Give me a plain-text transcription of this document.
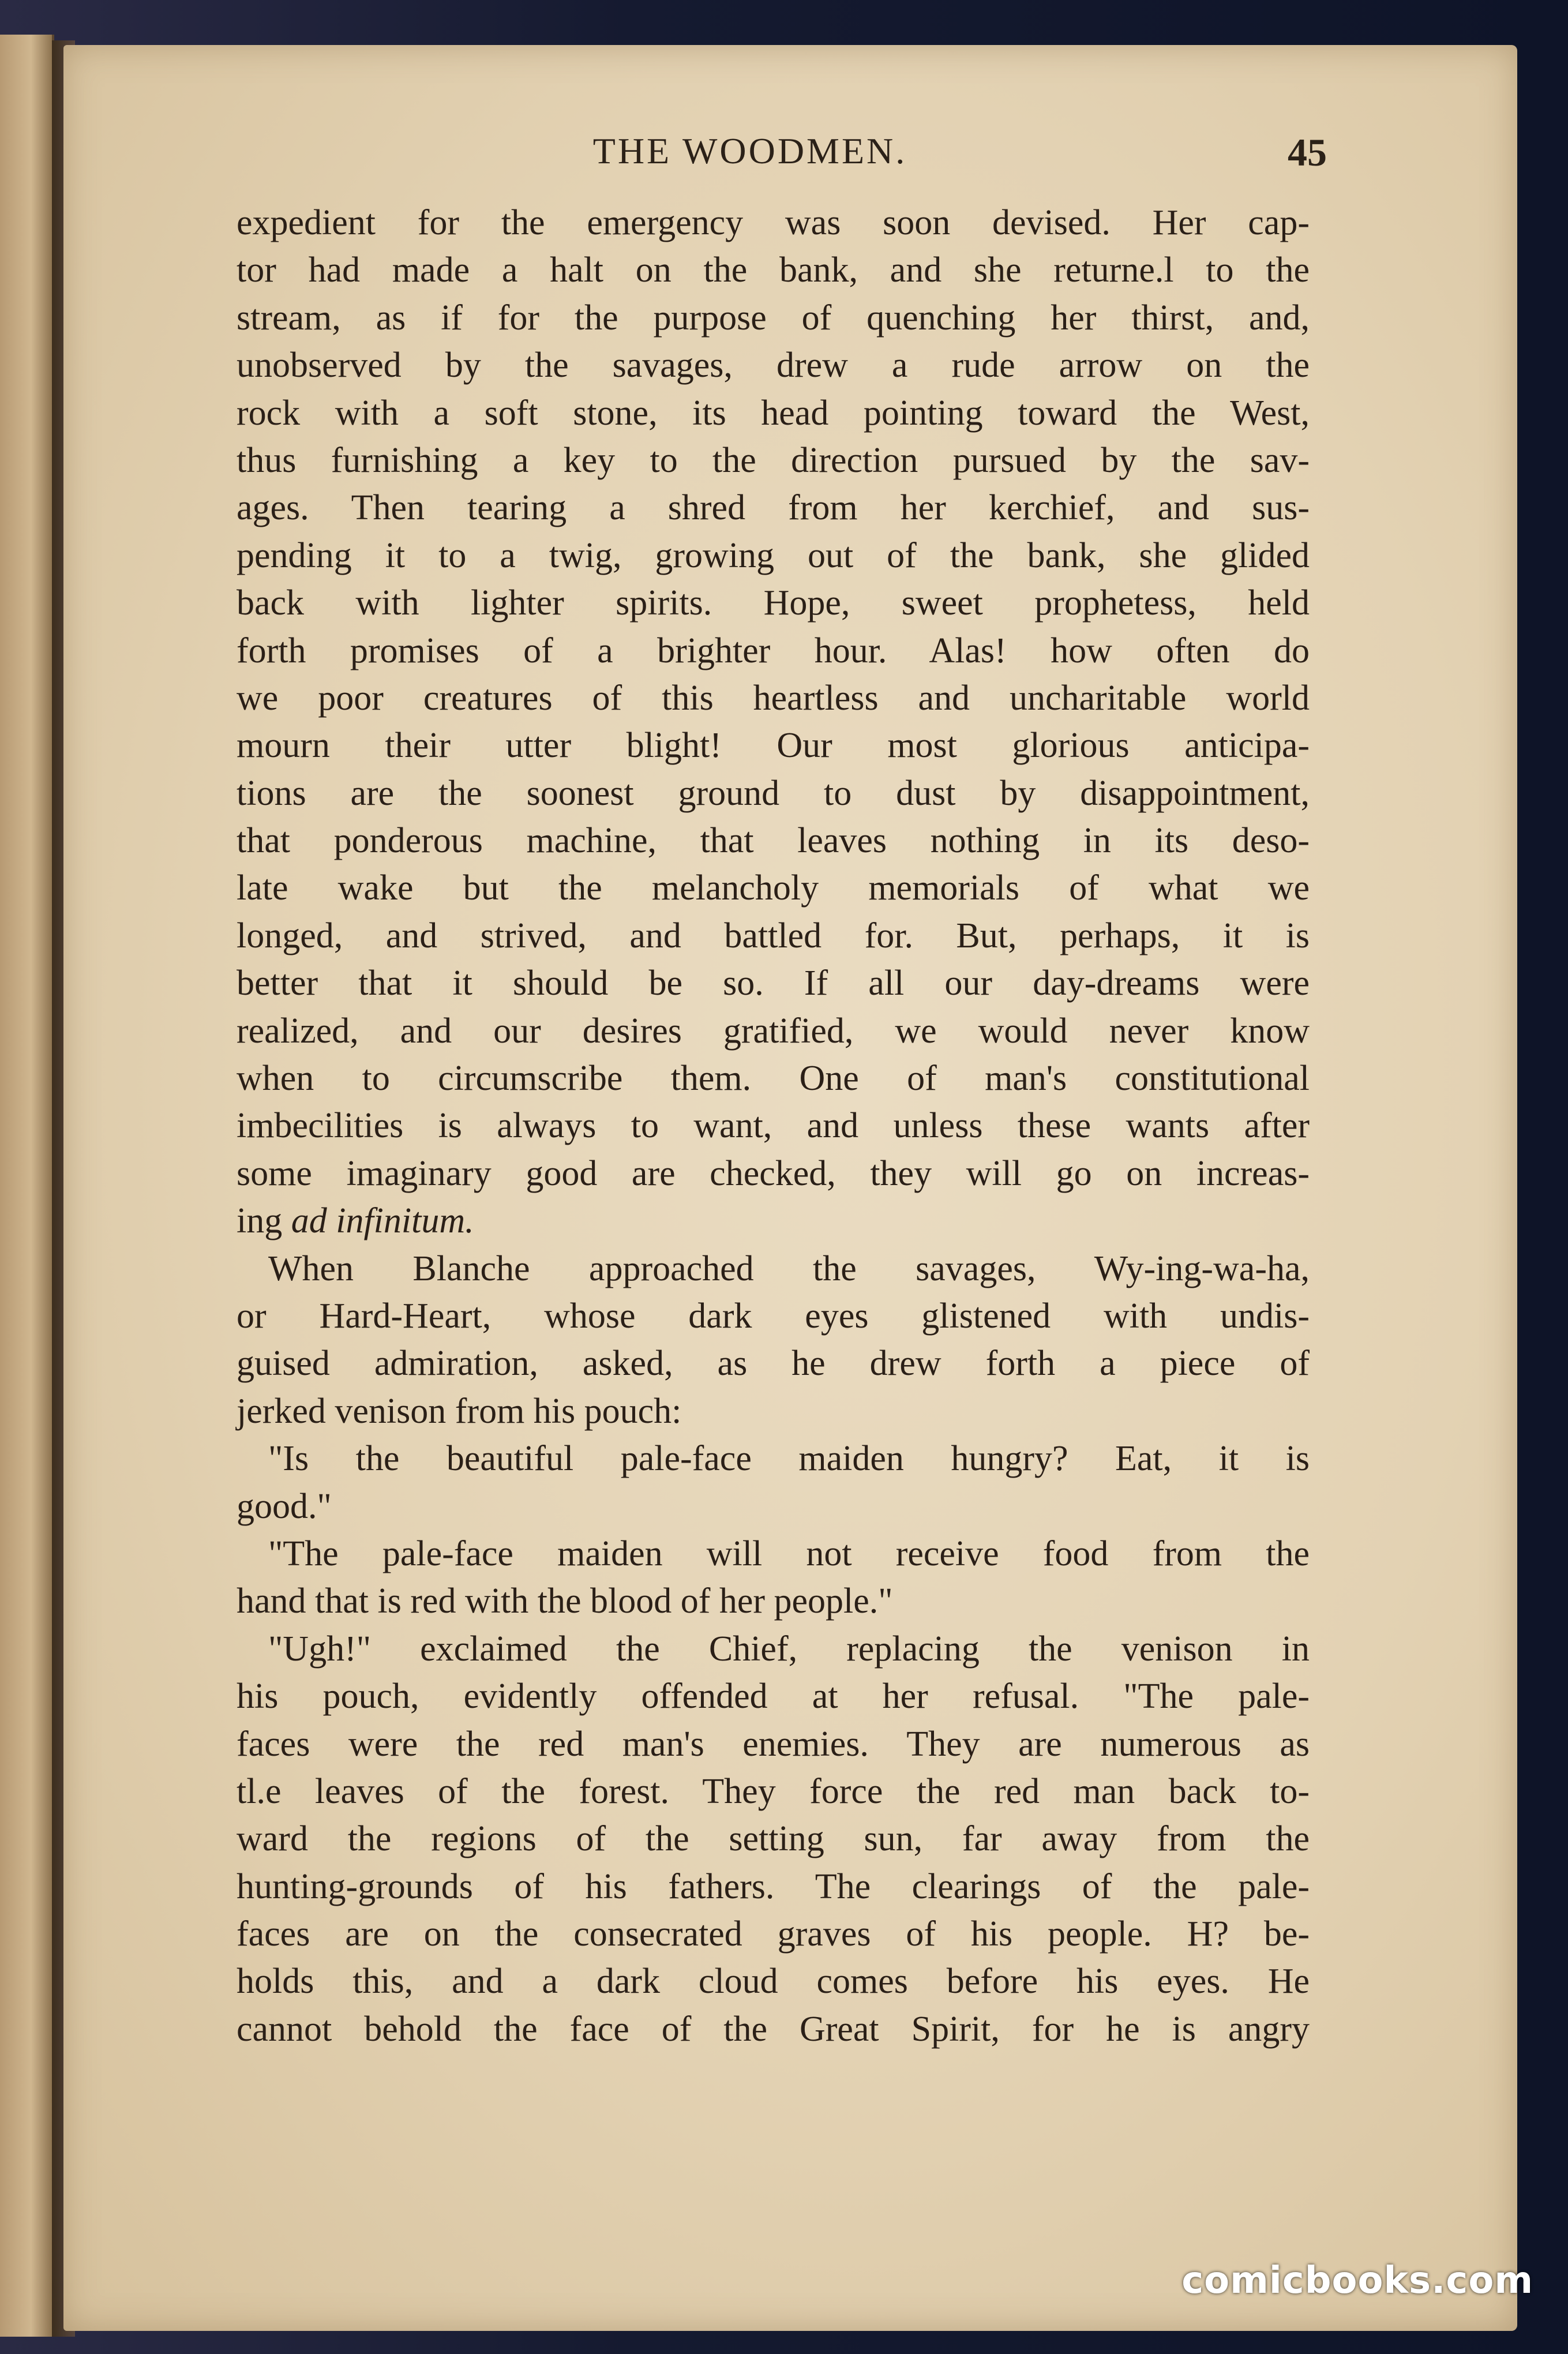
THE WOODMEN.	45
expedient for the emergency was soon devised. Her cap-
tor had made a halt on the bank, and she returne.l to the
stream, as if for the purpose of quenching her thirst, and,
unobserved by the savages, drew a rude arrow on the
rock with a soft stone, its head pointing toward the West,
thus furnishing a key to the direction pursued by the sav-
ages. Then tearing a shred from her kerchief, and sus-
pending it to a twig, growing out of the bank, she glided
back with lighter spirits. Hope, sweet prophetess, held
forth promises of a brighter hour. Alas! how often do
we poor creatures of this heartless and uncharitable world
mourn their utter blight! Our most glorious anticipa-
tions are the soonest ground to dust by disappointment,
that ponderous machine, that leaves nothing in its deso-
late wake but the melancholy memorials of what we
longed, and strived, and battled for. But, perhaps, it is
better that it should be so. If all our day-dreams were
realized, and our desires gratified, we would never know
when to circumscribe them. One of man's constitutional
imbecilities is always to want, and unless these wants after
some imaginary good are checked, they will go on increas-
ing ad infinitum.
When Blanche approached the savages, Wy-ing-wa-ha,
or Hard-Heart, whose dark eyes glistened with undis-
guised admiration, asked, as he drew forth a piece of
jerked venison from his pouch:
"Is the beautiful pale-face maiden hungry? Eat, it is
good."
"The pale-face maiden will not receive food from the
hand that is red with the blood of her people."
"Ugh!" exclaimed the Chief, replacing the venison in
his pouch, evidently offended at her refusal. "The pale-
faces were the red man's enemies. They are numerous as
tl.e leaves of the forest. They force the red man back to-
ward the regions of the setting sun, far away from the
hunting-grounds of his fathers. The clearings of the pale-
faces are on the consecrated graves of his people. H? be-
holds this, and a dark cloud comes before his eyes. He
cannot behold the face of the Great Spirit, for he is angry
comicbooks.com
